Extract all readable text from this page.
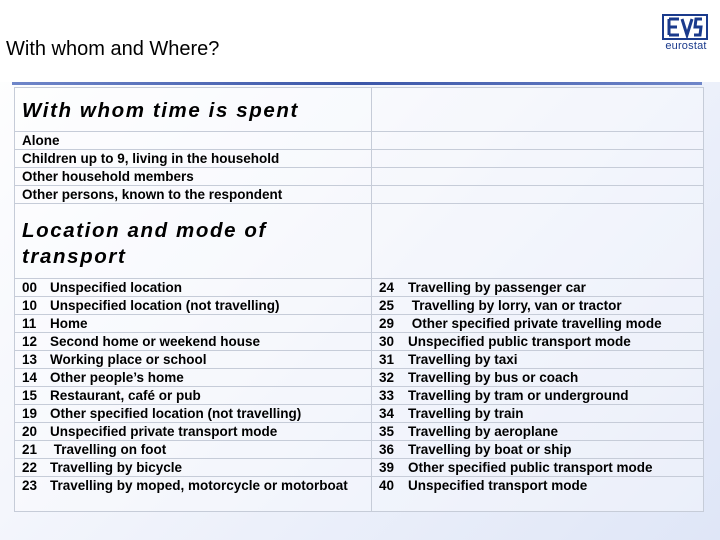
With whom and Where?	eurostat
With whom time is spent	
Alone	
Children up to 9, living in the household	
Other household members	
Other persons, known to the respondent	
Location and mode of transport	
00 Unspecified location	24 Travelling by passenger car
10 Unspecified location (not travelling)	25 Travelling by lorry, van or tractor
11 Home	29 Other specified private travelling mode
12 Second home or weekend house	30 Unspecified public transport mode
13 Working place or school	31 Travelling by taxi
14 Other people’s home	32 Travelling by bus or coach
15 Restaurant, café or pub	33 Travelling by tram or underground
19 Other specified location (not travelling)	34 Travelling by train
20 Unspecified private transport mode	35 Travelling by aeroplane
21 Travelling on foot	36 Travelling by boat or ship
22 Travelling by bicycle	39 Other specified public transport mode
23 Travelling by moped, motorcycle or motorboat	40 Unspecified transport mode
